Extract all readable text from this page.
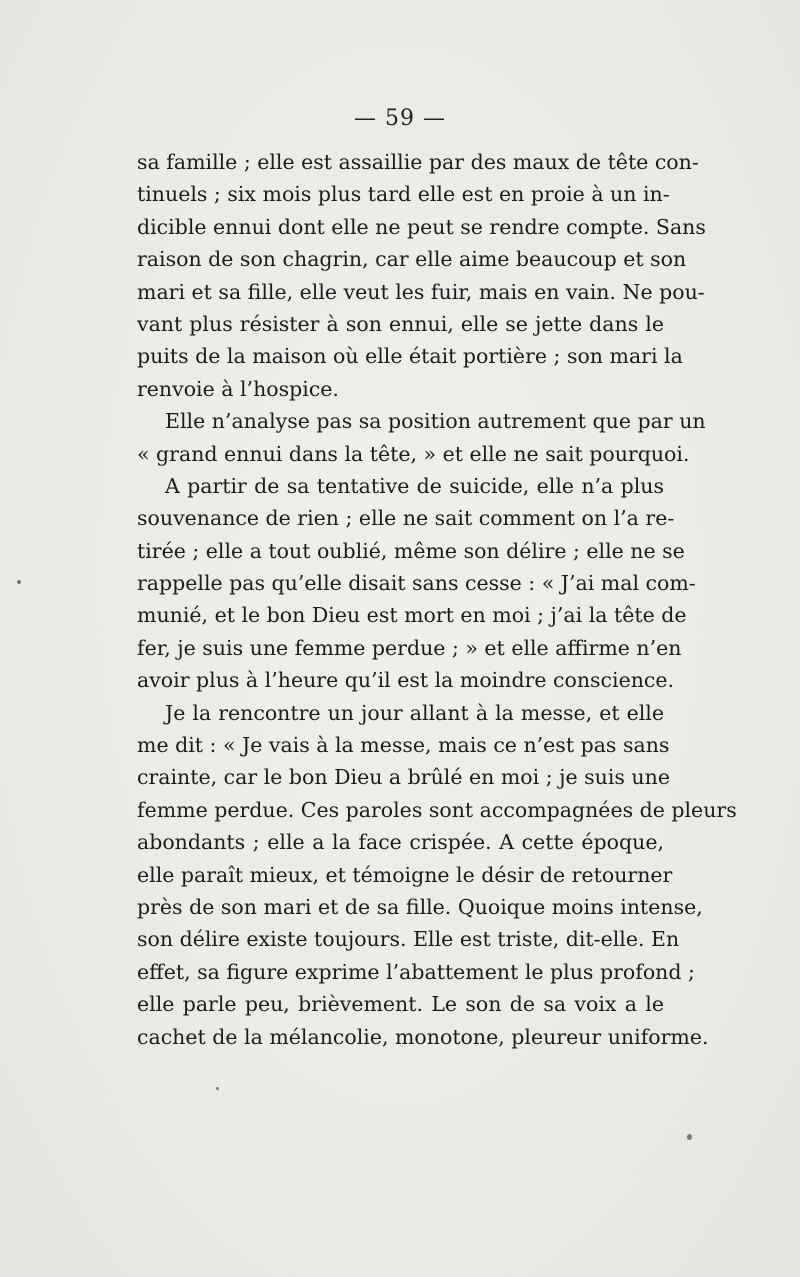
— 59 —
sa famille ; elle est assaillie par des maux de tête con-
tinuels ; six mois plus tard elle est en proie à un in-
dicible ennui dont elle ne peut se rendre compte. Sans
raison de son chagrin, car elle aime beaucoup et son
mari et sa fille, elle veut les fuir, mais en vain. Ne pou-
vant plus résister à son ennui, elle se jette dans le
puits de la maison où elle était portière ; son mari la
renvoie à l’hospice.
Elle n’analyse pas sa position autrement que par un
« grand ennui dans la tête, » et elle ne sait pourquoi.
A partir de sa tentative de suicide, elle n’a plus
souvenance de rien ; elle ne sait comment on l’a re-
tirée ; elle a tout oublié, même son délire ; elle ne se
rappelle pas qu’elle disait sans cesse : « J’ai mal com-
munié, et le bon Dieu est mort en moi ; j’ai la tête de
fer, je suis une femme perdue ; » et elle affirme n’en
avoir plus à l’heure qu’il est la moindre conscience.
Je la rencontre un jour allant à la messe, et elle
me dit : « Je vais à la messe, mais ce n’est pas sans
crainte, car le bon Dieu a brûlé en moi ; je suis une
femme perdue. Ces paroles sont accompagnées de pleurs
abondants ; elle a la face crispée. A cette époque,
elle paraît mieux, et témoigne le désir de retourner
près de son mari et de sa fille. Quoique moins intense,
son délire existe toujours. Elle est triste, dit-elle. En
effet, sa figure exprime l’abattement le plus profond ;
elle parle peu, brièvement. Le son de sa voix a le
cachet de la mélancolie, monotone, pleureur uniforme.
